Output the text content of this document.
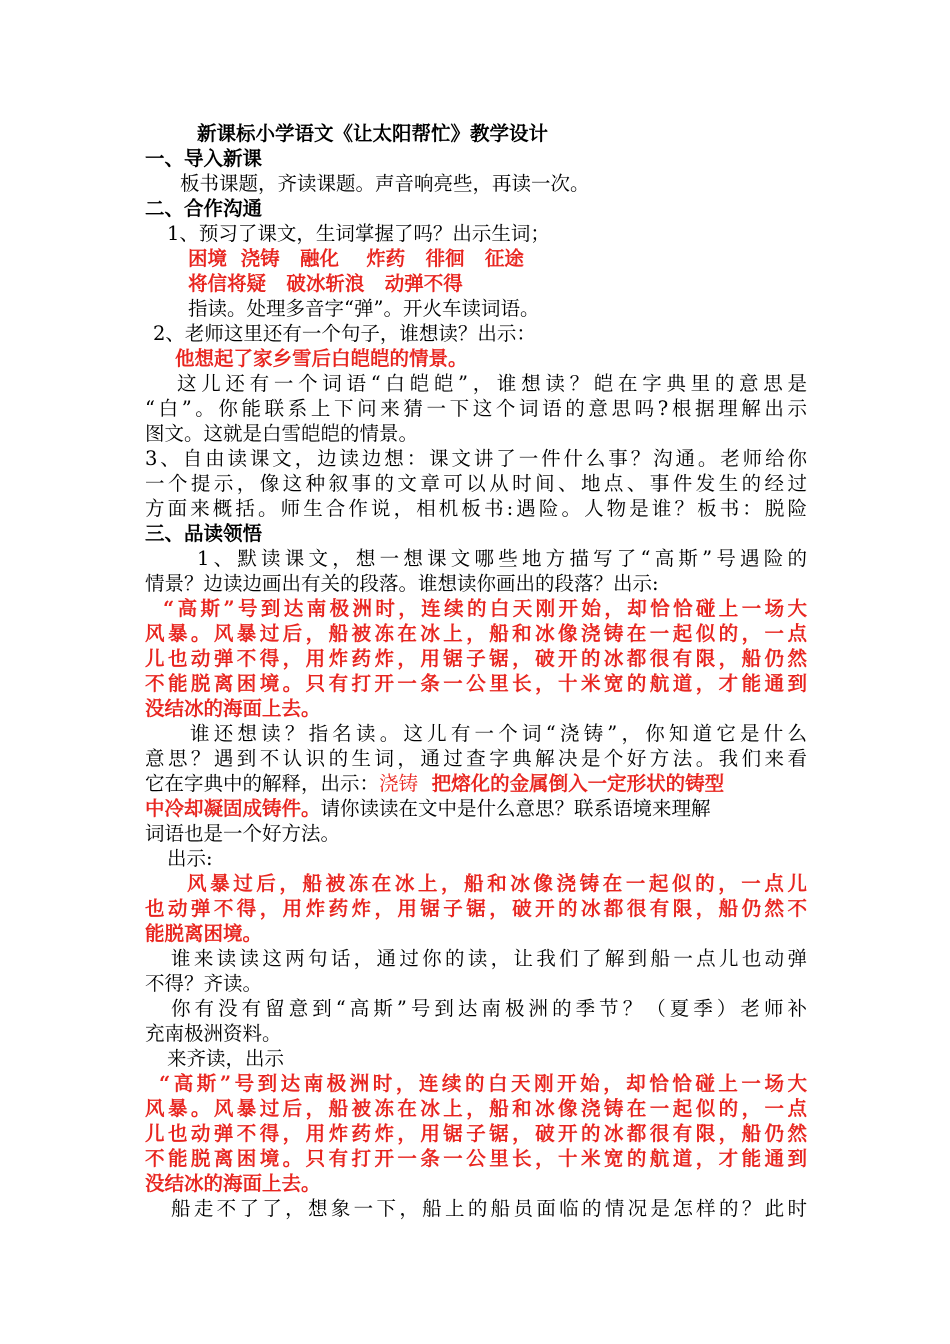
新课标小学语文《让太阳帮忙》教学设计
一、导入新课
板书课题，齐读课题。声音响亮些，再读一次。
二、合作沟通
1、预习了课文，生词掌握了吗？出示生词；
困境  浇铸   融化    炸药   徘徊   征途
将信将疑   破冰斩浪   动弹不得
指读。处理多音字“弹”。开火车读词语。
2、老师这里还有一个句子，谁想读？出示：
他想起了家乡雪后白皑皑的情景。
这儿还有一个词语“白皑皑”，谁想读？皑在字典里的意思是
“白”。你能联系上下问来猜一下这个词语的意思吗?根据理解出示
图文。这就是白雪皑皑的情景。
3、自由读课文，边读边想：课文讲了一件什么事？沟通。老师给你
一个提示，像这种叙事的文章可以从时间、地点、事件发生的经过
方面来概括。师生合作说，相机板书:遇险。人物是谁？板书：脱险
三、品读领悟
1、默读课文，想一想课文哪些地方描写了“高斯”号遇险的
情景？边读边画出有关的段落。谁想读你画出的段落？出示:
“高斯”号到达南极洲时，连续的白天刚开始，却恰恰碰上一场大
风暴。风暴过后，船被冻在冰上，船和冰像浇铸在一起似的，一点
儿也动弹不得，用炸药炸，用锯子锯，破开的冰都很有限，船仍然
不能脱离困境。只有打开一条一公里长，十米宽的航道，才能通到
没结冰的海面上去。
谁还想读？指名读。这儿有一个词“浇铸”，你知道它是什么
意思？遇到不认识的生词，通过查字典解决是个好方法。我们来看
它在字典中的解释，出示：浇铸  把熔化的金属倒入一定形状的铸型
中冷却凝固成铸件。请你读读在文中是什么意思？联系语境来理解
词语也是一个好方法。
出示:
风暴过后，船被冻在冰上，船和冰像浇铸在一起似的，一点儿
也动弹不得，用炸药炸，用锯子锯，破开的冰都很有限，船仍然不
能脱离困境。
谁来读读这两句话，通过你的读，让我们了解到船一点儿也动弹
不得？齐读。
你有没有留意到“高斯”号到达南极洲的季节？（夏季）老师补
充南极洲资料。
来齐读，出示
“高斯”号到达南极洲时，连续的白天刚开始，却恰恰碰上一场大
风暴。风暴过后，船被冻在冰上，船和冰像浇铸在一起似的，一点
儿也动弹不得，用炸药炸，用锯子锯，破开的冰都很有限，船仍然
不能脱离困境。只有打开一条一公里长，十米宽的航道，才能通到
没结冰的海面上去。
船走不了了，想象一下，船上的船员面临的情况是怎样的？此时
